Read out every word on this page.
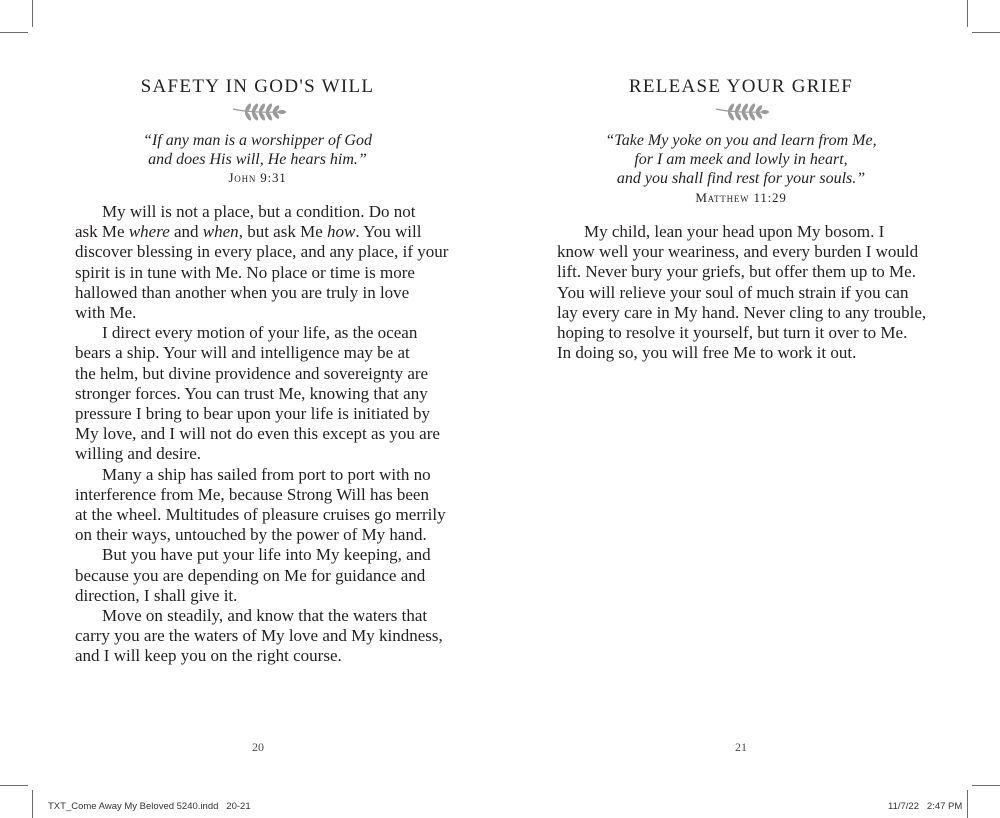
SAFETY IN GOD'S WILL
“If any man is a worshipper of God
and does His will, He hears him.”
John 9:31
My will is not a place, but a condition. Do not
ask Me where and when, but ask Me how. You will
discover blessing in every place, and any place, if your
spirit is in tune with Me. No place or time is more
hallowed than another when you are truly in love
with Me.
I direct every motion of your life, as the ocean
bears a ship. Your will and intelligence may be at
the helm, but divine providence and sovereignty are
stronger forces. You can trust Me, knowing that any
pressure I bring to bear upon your life is initiated by
My love, and I will not do even this except as you are
willing and desire.
Many a ship has sailed from port to port with no
interference from Me, because Strong Will has been
at the wheel. Multitudes of pleasure cruises go merrily
on their ways, untouched by the power of My hand.
But you have put your life into My keeping, and
because you are depending on Me for guidance and
direction, I shall give it.
Move on steadily, and know that the waters that
carry you are the waters of My love and My kindness,
and I will keep you on the right course.
20
RELEASE YOUR GRIEF
“Take My yoke on you and learn from Me,
for I am meek and lowly in heart,
and you shall find rest for your souls.”
Matthew 11:29
My child, lean your head upon My bosom. I
know well your weariness, and every burden I would
lift. Never bury your griefs, but offer them up to Me.
You will relieve your soul of much strain if you can
lay every care in My hand. Never cling to any trouble,
hoping to resolve it yourself, but turn it over to Me.
In doing so, you will free Me to work it out.
21
TXT_Come Away My Beloved 5240.indd   20-21	11/7/22   2:47 PM
